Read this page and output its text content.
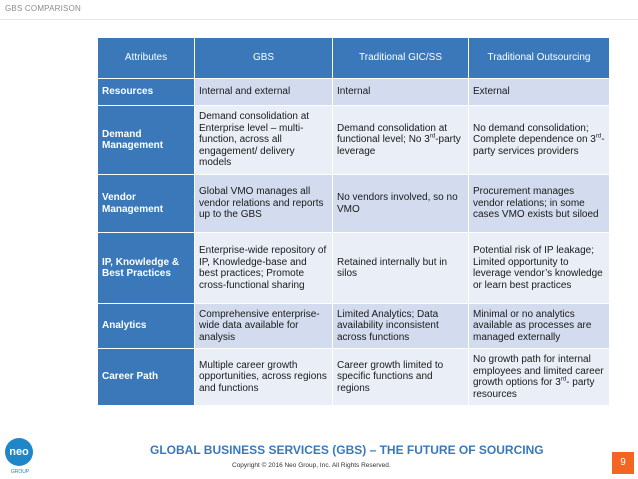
GBS COMPARISON
Attributes	GBS	Traditional GIC/SS	Traditional Outsourcing
Resources	Internal and external	Internal	External
Demand Management	Demand consolidation at Enterprise level – multi-function, across all engagement/ delivery models	Demand consolidation at functional level; No 3rd-party leverage	No demand consolidation; Complete dependence on 3rd- party services providers
Vendor Management	Global VMO manages all vendor relations and reports up to the GBS	No vendors involved, so no VMO	Procurement manages vendor relations; in some cases VMO exists but siloed
IP, Knowledge & Best Practices	Enterprise-wide repository of IP, Knowledge-base and best practices; Promote cross-functional sharing	Retained internally but in silos	Potential risk of IP leakage; Limited opportunity to leverage vendor’s knowledge or learn best practices
Analytics	Comprehensive enterprise-wide data available for analysis	Limited Analytics; Data availability inconsistent across functions	Minimal or no analytics available as processes are managed externally
Career Path	Multiple career growth opportunities, across regions and functions	Career growth limited to specific functions and regions	No growth path for internal employees and limited career growth options for 3rd- party resources
neo
GROUP
GLOBAL BUSINESS SERVICES (GBS) – THE FUTURE OF SOURCING
Copyright © 2016 Neo Group, Inc. All Rights Reserved.	9
